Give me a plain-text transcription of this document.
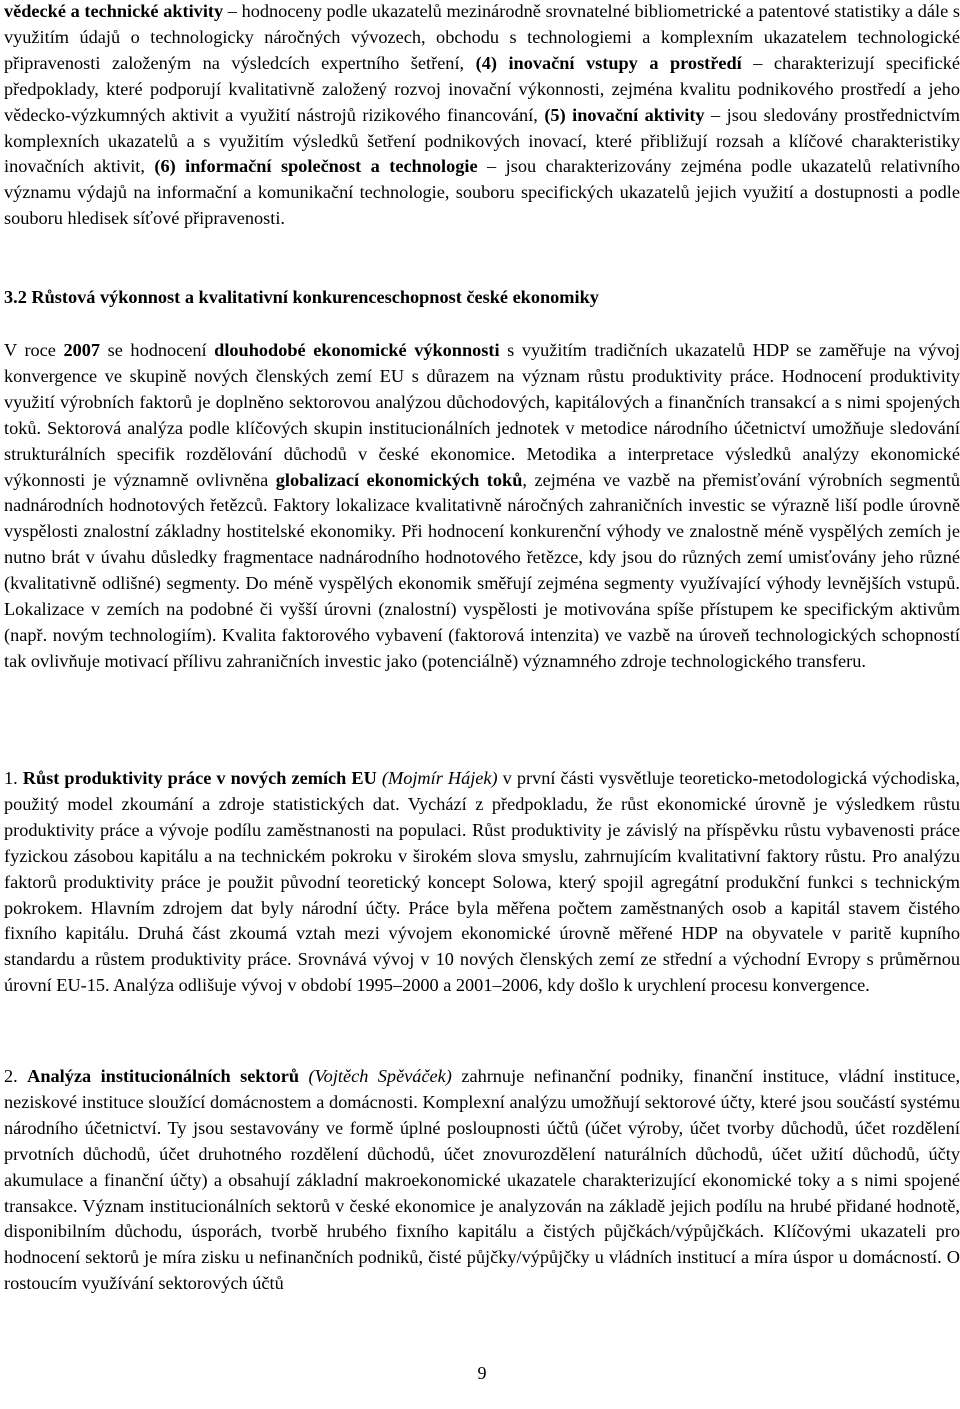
vědecké a technické aktivity – hodnoceny podle ukazatelů mezinárodně srovnatelné bibliometrické a patentové statistiky a dále s využitím údajů o technologicky náročných vývozech, obchodu s technologiemi a komplexním ukazatelem technologické připravenosti založeným na výsledcích expertního šetření, (4) inovační vstupy a prostředí – charakterizují specifické předpoklady, které podporují kvalitativně založený rozvoj inovační výkonnosti, zejména kvalitu podnikového prostředí a jeho vědecko-výzkumných aktivit a využití nástrojů rizikového financování, (5) inovační aktivity – jsou sledovány prostřednictvím komplexních ukazatelů a s využitím výsledků šetření podnikových inovací, které přibližují rozsah a klíčové charakteristiky inovačních aktivit, (6) informační společnost a technologie – jsou charakterizovány zejména podle ukazatelů relativního významu výdajů na informační a komunikační technologie, souboru specifických ukazatelů jejich využití a dostupnosti a podle souboru hledisek síťové připravenosti.

3.2 Růstová výkonnost a kvalitativní konkurenceschopnost české ekonomiky

V roce 2007 se hodnocení dlouhodobé ekonomické výkonnosti s využitím tradičních ukazatelů HDP se zaměřuje na vývoj konvergence ve skupině nových členských zemí EU s důrazem na význam růstu produktivity práce. Hodnocení produktivity využití výrobních faktorů je doplněno sektorovou analýzou důchodových, kapitálových a finančních transakcí a s nimi spojených toků. Sektorová analýza podle klíčových skupin institucionálních jednotek v metodice národního účetnictví umožňuje sledování strukturálních specifik rozdělování důchodů v české ekonomice. Metodika a interpretace výsledků analýzy ekonomické výkonnosti je významně ovlivněna globalizací ekonomických toků, zejména ve vazbě na přemisťování výrobních segmentů nadnárodních hodnotových řetězců. Faktory lokalizace kvalitativně náročných zahraničních investic se výrazně liší podle úrovně vyspělosti znalostní základny hostitelské ekonomiky. Při hodnocení konkurenční výhody ve znalostně méně vyspělých zemích je nutno brát v úvahu důsledky fragmentace nadnárodního hodnotového řetězce, kdy jsou do různých zemí umisťovány jeho různé (kvalitativně odlišné) segmenty. Do méně vyspělých ekonomik směřují zejména segmenty využívající výhody levnějších vstupů. Lokalizace v zemích na podobné či vyšší úrovni (znalostní) vyspělosti je motivována spíše přístupem ke specifickým aktivům (např. novým technologiím). Kvalita faktorového vybavení (faktorová intenzita) ve vazbě na úroveň technologických schopností tak ovlivňuje motivací přílivu zahraničních investic jako (potenciálně) významného zdroje technologického transferu.

1. Růst produktivity práce v nových zemích EU (Mojmír Hájek) v první části vysvětluje teoreticko-metodologická východiska, použitý model zkoumání a zdroje statistických dat. Vychází z předpokladu, že růst ekonomické úrovně je výsledkem růstu produktivity práce a vývoje podílu zaměstnanosti na populaci. Růst produktivity je závislý na příspěvku růstu vybavenosti práce fyzickou zásobou kapitálu a na technickém pokroku v širokém slova smyslu, zahrnujícím kvalitativní faktory růstu. Pro analýzu faktorů produktivity práce je použit původní teoretický koncept Solowa, který spojil agregátní produkční funkci s technickým pokrokem. Hlavním zdrojem dat byly národní účty. Práce byla měřena počtem zaměstnaných osob a kapitál stavem čistého fixního kapitálu. Druhá část zkoumá vztah mezi vývojem ekonomické úrovně měřené HDP na obyvatele v paritě kupního standardu a růstem produktivity práce. Srovnává vývoj v 10 nových členských zemí ze střední a východní Evropy s průměrnou úrovní EU-15. Analýza odlišuje vývoj v období 1995–2000 a 2001–2006, kdy došlo k urychlení procesu konvergence.

2. Analýza institucionálních sektorů (Vojtěch Spěváček) zahrnuje nefinanční podniky, finanční instituce, vládní instituce, neziskové instituce sloužící domácnostem a domácnosti. Komplexní analýzu umožňují sektorové účty, které jsou součástí systému národního účetnictví. Ty jsou sestavovány ve formě úplné posloupnosti účtů (účet výroby, účet tvorby důchodů, účet rozdělení prvotních důchodů, účet druhotného rozdělení důchodů, účet znovurozdělení naturálních důchodů, účet užití důchodů, účty akumulace a finanční účty) a obsahují základní makroekonomické ukazatele charakterizující ekonomické toky a s nimi spojené transakce. Význam institucionálních sektorů v české ekonomice je analyzován na základě jejich podílu na hrubé přidané hodnotě, disponibilním důchodu, úsporách, tvorbě hrubého fixního kapitálu a čistých půjčkách/výpůjčkách. Klíčovými ukazateli pro hodnocení sektorů je míra zisku u nefinančních podniků, čisté půjčky/výpůjčky u vládních institucí a míra úspor u domácností. O rostoucím využívání sektorových účtů

9
